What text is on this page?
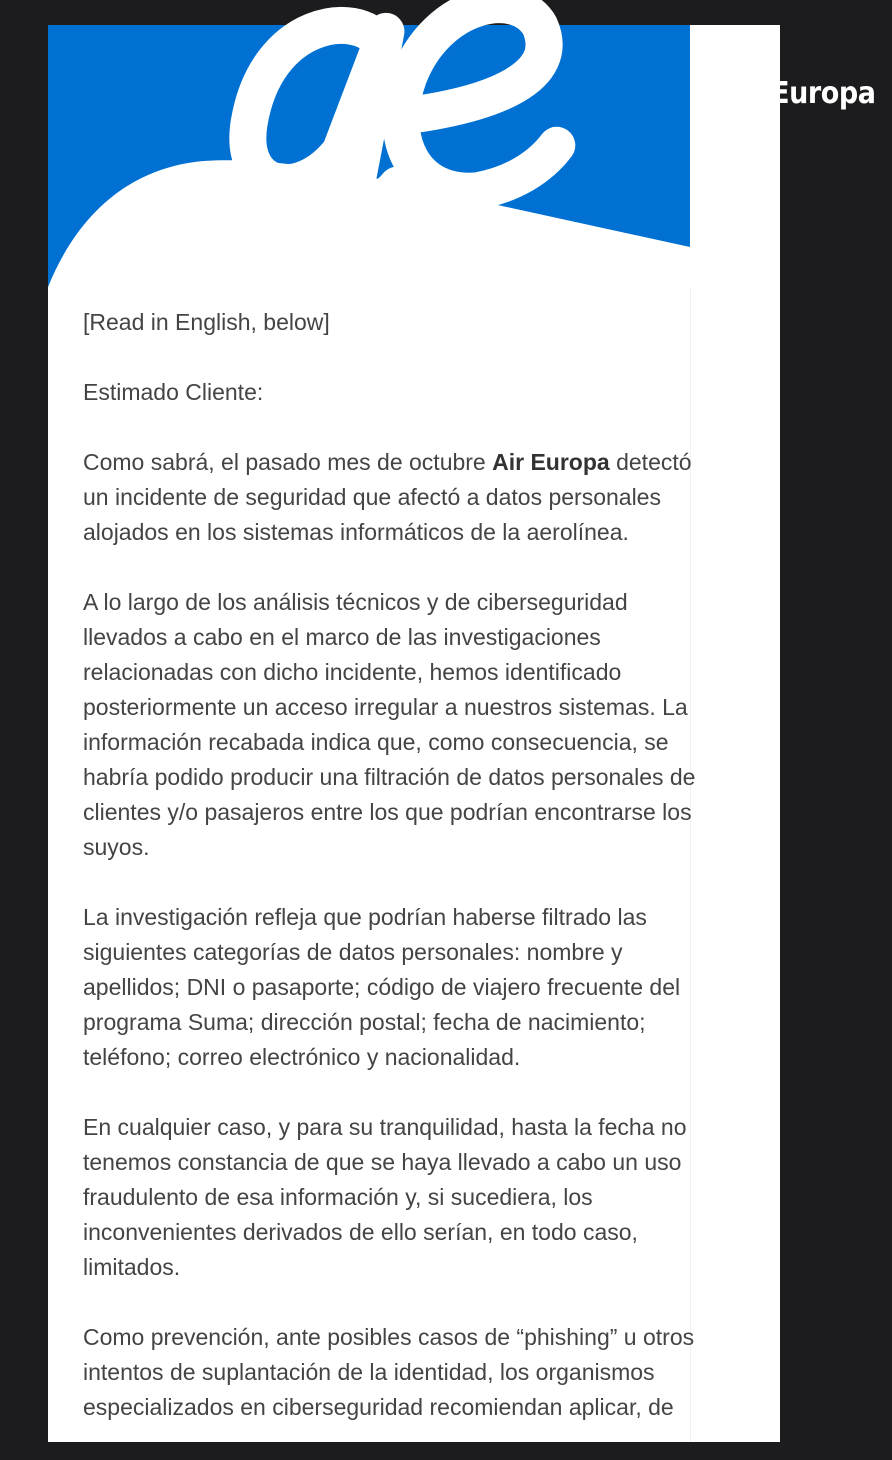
AirEuropa

[Read in English, below]

Estimado Cliente:

Como sabrá, el pasado mes de octubre Air Europa detectó un incidente de seguridad que afectó a datos personales alojados en los sistemas informáticos de la aerolínea.

A lo largo de los análisis técnicos y de ciberseguridad llevados a cabo en el marco de las investigaciones relacionadas con dicho incidente, hemos identificado posteriormente un acceso irregular a nuestros sistemas. La información recabada indica que, como consecuencia, se habría podido producir una filtración de datos personales de clientes y/o pasajeros entre los que podrían encontrarse los suyos.

La investigación refleja que podrían haberse filtrado las siguientes categorías de datos personales: nombre y apellidos; DNI o pasaporte; código de viajero frecuente del programa Suma; dirección postal; fecha de nacimiento; teléfono; correo electrónico y nacionalidad.

En cualquier caso, y para su tranquilidad, hasta la fecha no tenemos constancia de que se haya llevado a cabo un uso fraudulento de esa información y, si sucediera, los inconvenientes derivados de ello serían, en todo caso, limitados.

Como prevención, ante posibles casos de “phishing” u otros intentos de suplantación de la identidad, los organismos especializados en ciberseguridad recomiendan aplicar, de
